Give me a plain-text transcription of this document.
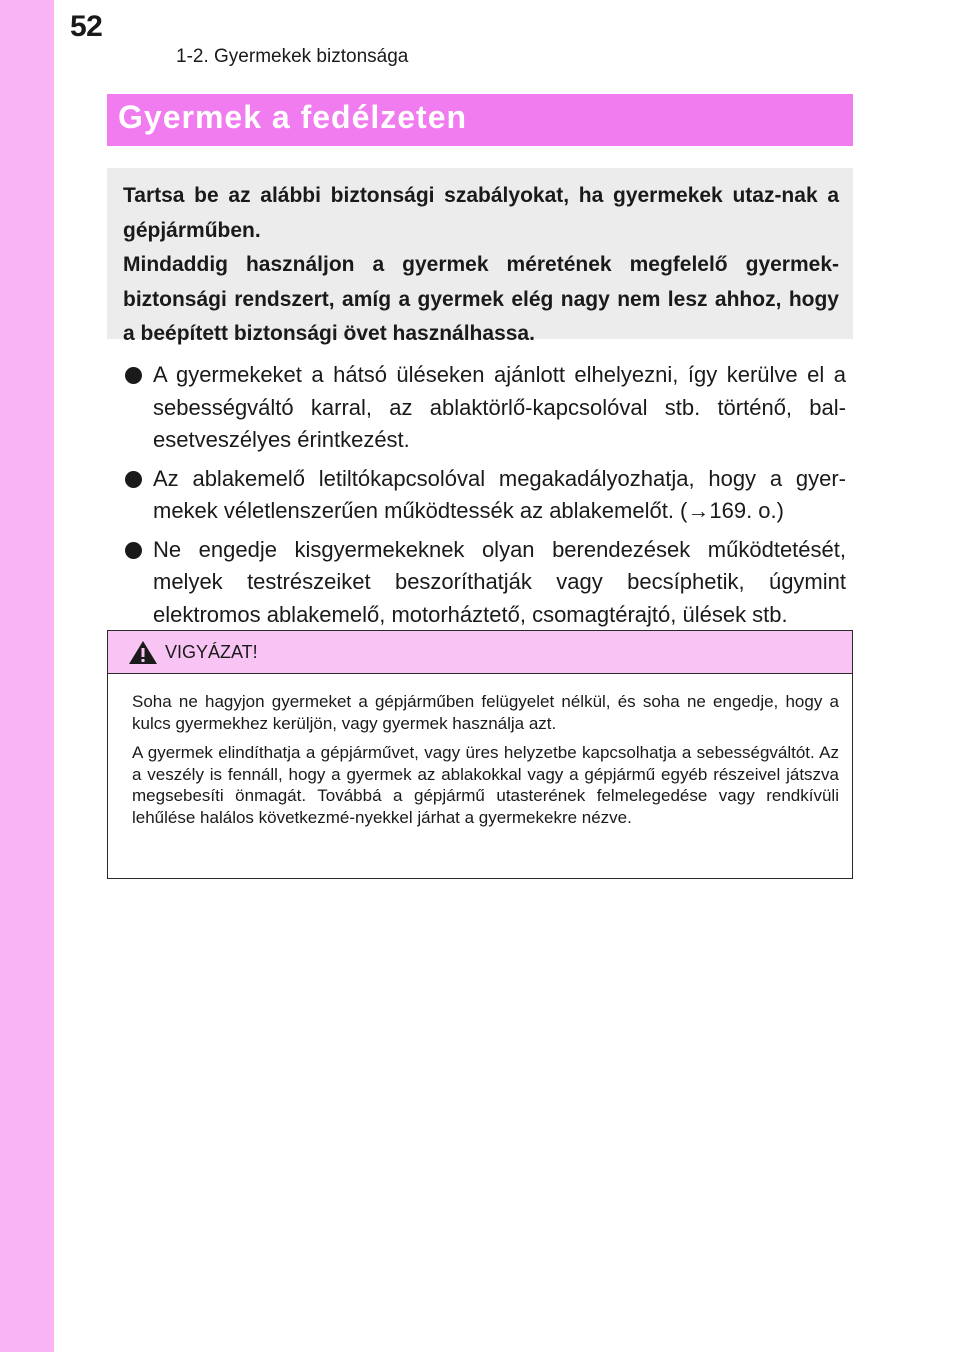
52
1-2. Gyermekek biztonsága
Gyermek a fedélzeten

Tartsa be az alábbi biztonsági szabályokat, ha gyermekek utaz-nak a gépjárműben.

Mindaddig használjon a gyermek méretének megfelelő gyermek-biztonsági rendszert, amíg a gyermek elég nagy nem lesz ahhoz, hogy a beépített biztonsági övet használhassa.

A gyermekeket a hátsó üléseken ajánlott elhelyezni, így kerülve el a sebességváltó karral, az ablaktörlő-kapcsolóval stb. történő, bal-esetveszélyes érintkezést.

Az ablakemelő letiltókapcsolóval megakadályozhatja, hogy a gyer-mekek véletlenszerűen működtessék az ablakemelőt. (→169. o.)

Ne engedje kisgyermekeknek olyan berendezések működtetését, melyek testrészeiket beszoríthatják vagy becsíphetik, úgymint elektromos ablakemelő, motorháztető, csomagtérajtó, ülések stb.

VIGYÁZAT!

Soha ne hagyjon gyermeket a gépjárműben felügyelet nélkül, és soha ne engedje, hogy a kulcs gyermekhez kerüljön, vagy gyermek használja azt.

A gyermek elindíthatja a gépjárművet, vagy üres helyzetbe kapcsolhatja a sebességváltót. Az a veszély is fennáll, hogy a gyermek az ablakokkal vagy a gépjármű egyéb részeivel játszva megsebesíti önmagát. Továbbá a gépjármű utasterének felmelegedése vagy rendkívüli lehűlése halálos következmé-nyekkel járhat a gyermekekre nézve.
